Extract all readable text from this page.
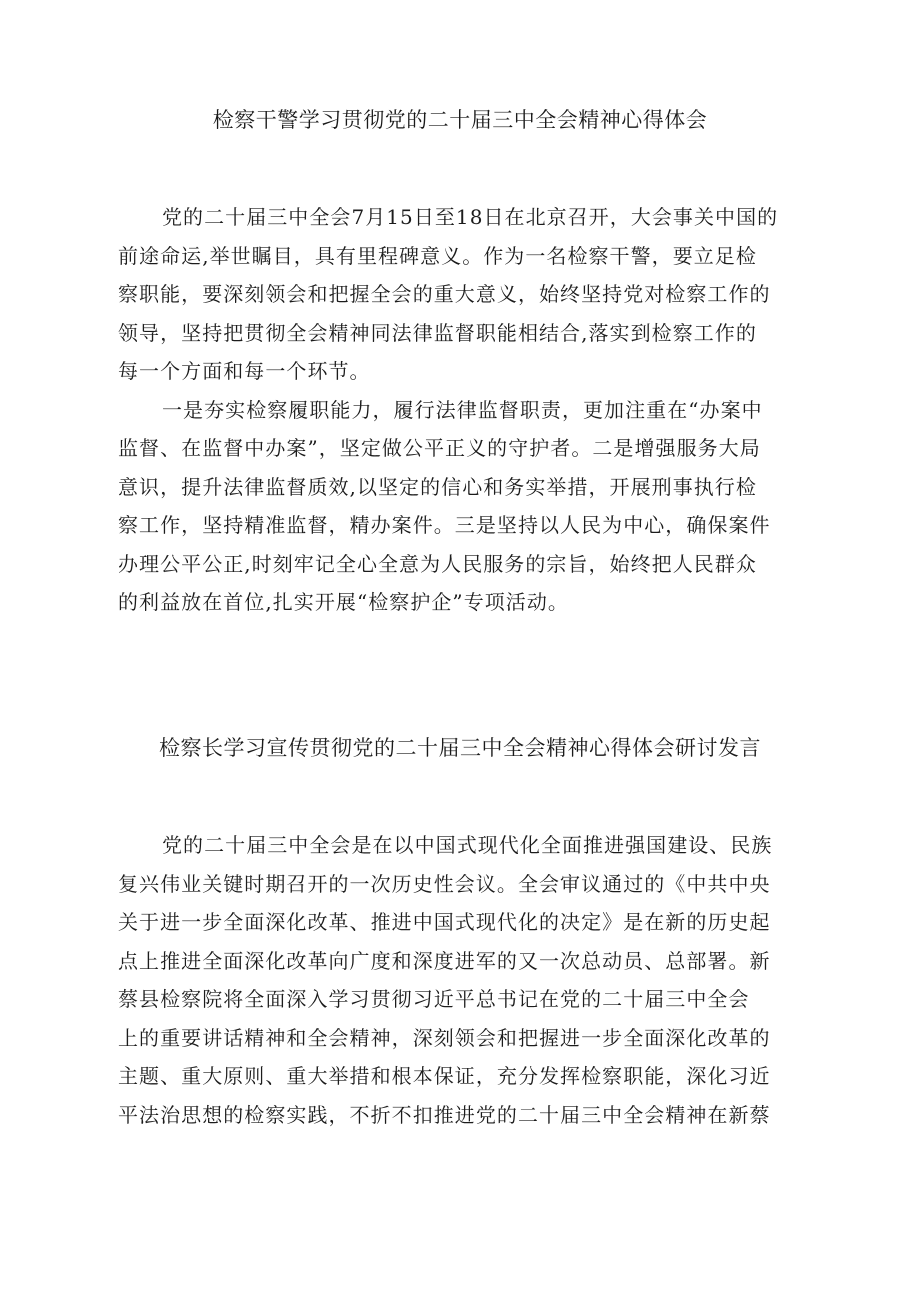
检察干警学习贯彻党的二十届三中全会精神心得体会
党的二十届三中全会7月15日至18日在北京召开，大会事关中国的
前途命运,举世瞩目，具有里程碑意义。作为一名检察干警，要立足检
察职能，要深刻领会和把握全会的重大意义，始终坚持党对检察工作的
领导，坚持把贯彻全会精神同法律监督职能相结合,落实到检察工作的
每一个方面和每一个环节。
一是夯实检察履职能力，履行法律监督职责，更加注重在“办案中
监督、在监督中办案”，坚定做公平正义的守护者。二是增强服务大局
意识，提升法律监督质效,以坚定的信心和务实举措，开展刑事执行检
察工作，坚持精准监督，精办案件。三是坚持以人民为中心，确保案件
办理公平公正,时刻牢记全心全意为人民服务的宗旨，始终把人民群众
的利益放在首位,扎实开展“检察护企”专项活动。
检察长学习宣传贯彻党的二十届三中全会精神心得体会研讨发言
党的二十届三中全会是在以中国式现代化全面推进强国建设、民族
复兴伟业关键时期召开的一次历史性会议。全会审议通过的《中共中央
关于进一步全面深化改革、推进中国式现代化的决定》是在新的历史起
点上推进全面深化改革向广度和深度进军的又一次总动员、总部署。新
蔡县检察院将全面深入学习贯彻习近平总书记在党的二十届三中全会
上的重要讲话精神和全会精神，深刻领会和把握进一步全面深化改革的
主题、重大原则、重大举措和根本保证，充分发挥检察职能，深化习近
平法治思想的检察实践，不折不扣推进党的二十届三中全会精神在新蔡
